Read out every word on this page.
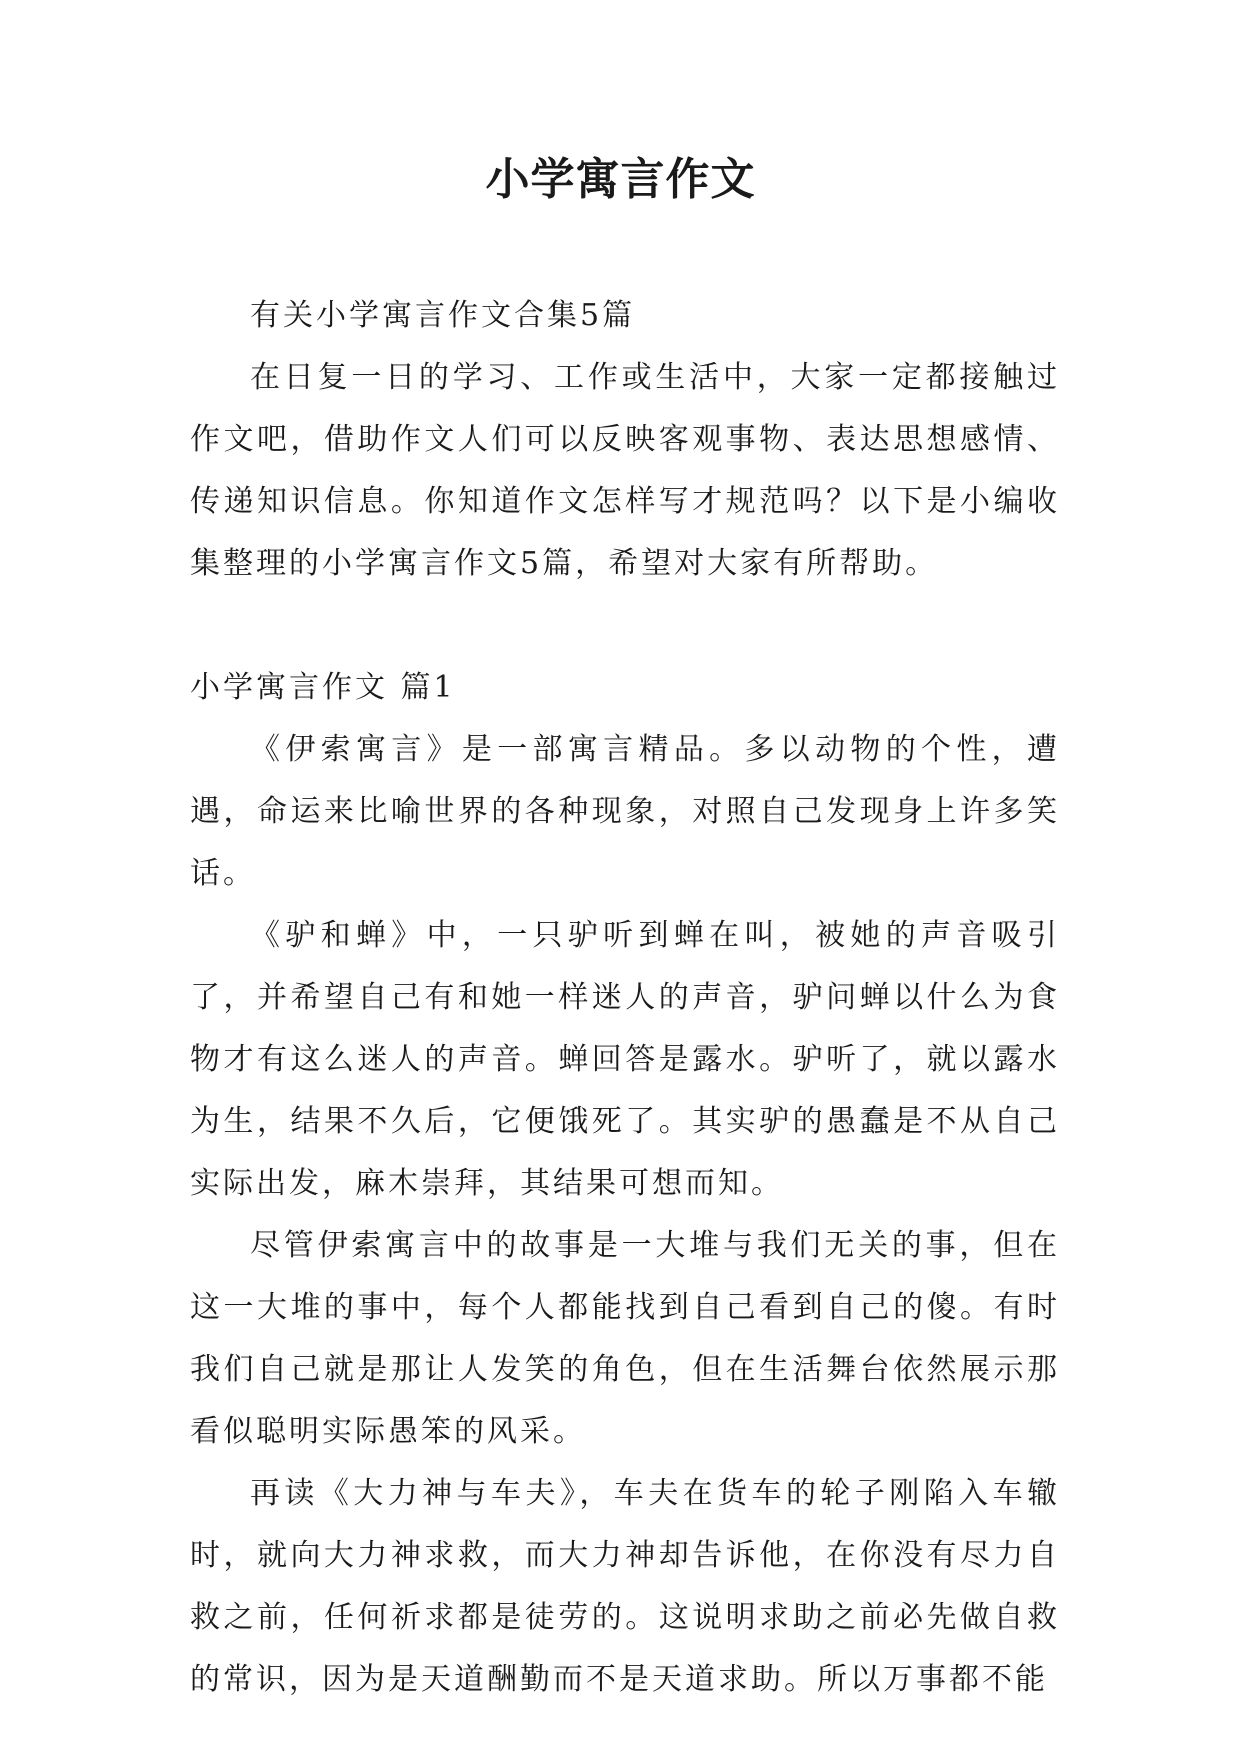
小学寓言作文

有关小学寓言作文合集5篇

在日复一日的学习、工作或生活中，大家一定都接触过作文吧，借助作文人们可以反映客观事物、表达思想感情、传递知识信息。你知道作文怎样写才规范吗？以下是小编收集整理的小学寓言作文5篇，希望对大家有所帮助。

小学寓言作文 篇1

《伊索寓言》是一部寓言精品。多以动物的个性，遭遇，命运来比喻世界的各种现象，对照自己发现身上许多笑话。

《驴和蝉》中，一只驴听到蝉在叫，被她的声音吸引了，并希望自己有和她一样迷人的声音，驴问蝉以什么为食物才有这么迷人的声音。蝉回答是露水。驴听了，就以露水为生，结果不久后，它便饿死了。其实驴的愚蠢是不从自己实际出发，麻木崇拜，其结果可想而知。

尽管伊索寓言中的故事是一大堆与我们无关的事，但在这一大堆的事中，每个人都能找到自己看到自己的傻。有时我们自己就是那让人发笑的角色，但在生活舞台依然展示那看似聪明实际愚笨的风采。

再读《大力神与车夫》，车夫在货车的轮子刚陷入车辙时，就向大力神求救，而大力神却告诉他，在你没有尽力自救之前，任何祈求都是徒劳的。这说明求助之前必先做自救的常识，因为是天道酬勤而不是天道求助。所以万事都不能
